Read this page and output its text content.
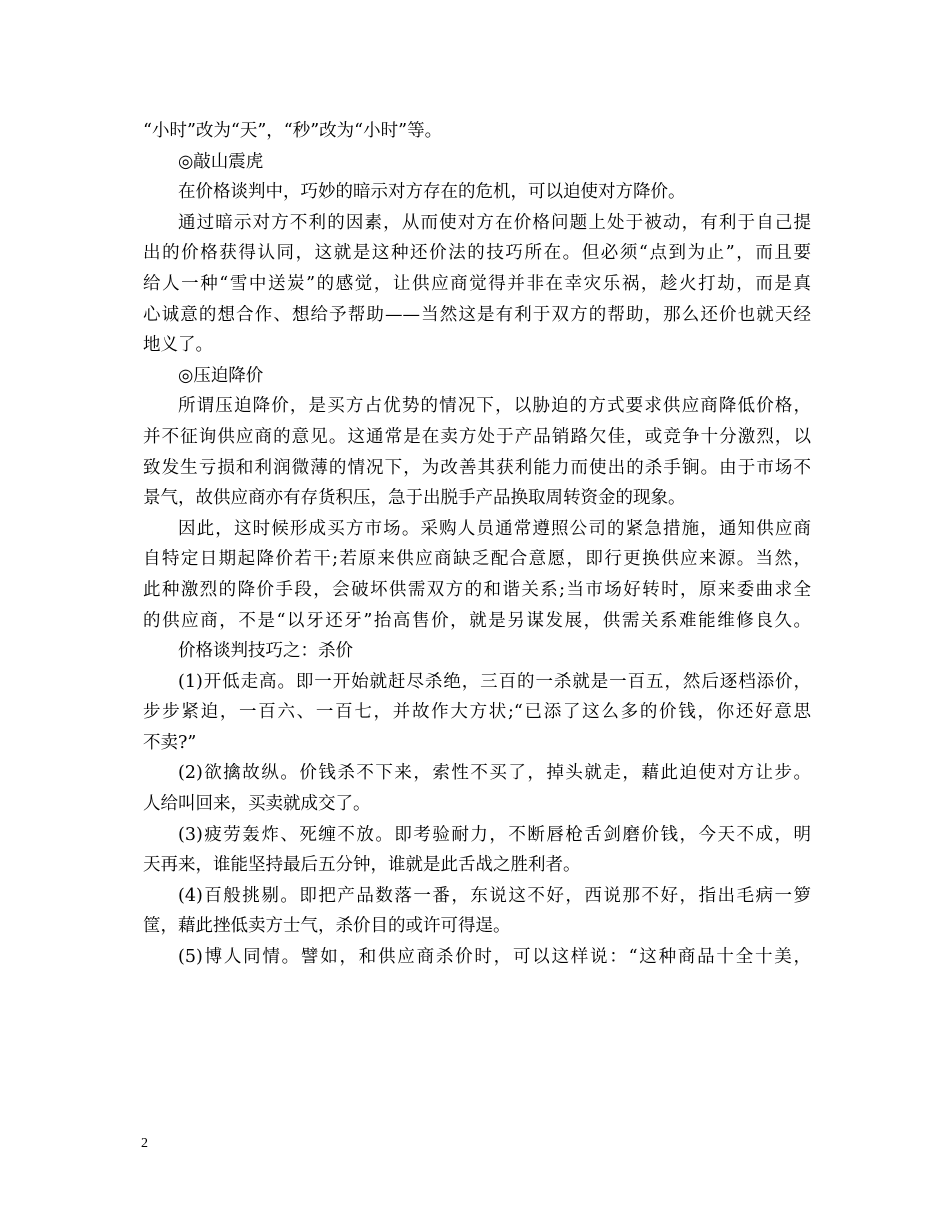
“小时”改为“天”，“秒”改为“小时”等。
◎敲山震虎
在价格谈判中，巧妙的暗示对方存在的危机，可以迫使对方降价。
通过暗示对方不利的因素，从而使对方在价格问题上处于被动，有利于自己提
出的价格获得认同，这就是这种还价法的技巧所在。但必须“点到为止”，而且要
给人一种“雪中送炭”的感觉，让供应商觉得并非在幸灾乐祸，趁火打劫，而是真
心诚意的想合作、想给予帮助——当然这是有利于双方的帮助，那么还价也就天经
地义了。
◎压迫降价
所谓压迫降价，是买方占优势的情况下，以胁迫的方式要求供应商降低价格，
并不征询供应商的意见。这通常是在卖方处于产品销路欠佳，或竞争十分激烈，以
致发生亏损和利润微薄的情况下，为改善其获利能力而使出的杀手锏。由于市场不
景气，故供应商亦有存货积压，急于出脱手产品换取周转资金的现象。
因此，这时候形成买方市场。采购人员通常遵照公司的紧急措施，通知供应商
自特定日期起降价若干;若原来供应商缺乏配合意愿，即行更换供应来源。当然，
此种激烈的降价手段，会破坏供需双方的和谐关系;当市场好转时，原来委曲求全
的供应商，不是“以牙还牙”抬高售价，就是另谋发展，供需关系难能维修良久。
价格谈判技巧之：杀价
(1)开低走高。即一开始就赶尽杀绝，三百的一杀就是一百五，然后逐档添价，
步步紧迫，一百六、一百七，并故作大方状;“已添了这么多的价钱，你还好意思
不卖?”
(2)欲擒故纵。价钱杀不下来，索性不买了，掉头就走，藉此迫使对方让步。
人给叫回来，买卖就成交了。
(3)疲劳轰炸、死缠不放。即考验耐力，不断唇枪舌剑磨价钱，今天不成，明
天再来，谁能坚持最后五分钟，谁就是此舌战之胜利者。
(4)百般挑剔。即把产品数落一番，东说这不好，西说那不好，指出毛病一箩
筐，藉此挫低卖方士气，杀价目的或许可得逞。
(5)博人同情。譬如，和供应商杀价时，可以这样说：“这种商品十全十美，
2
